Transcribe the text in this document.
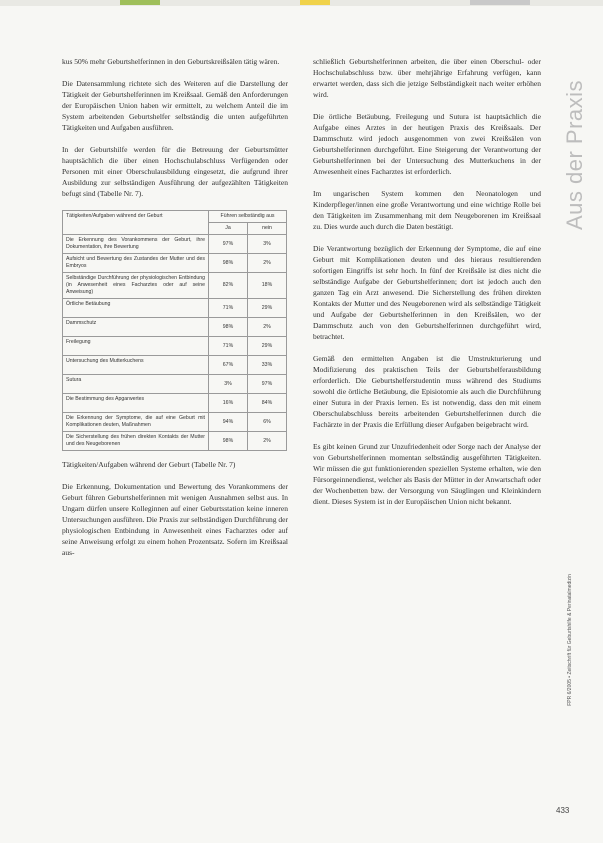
kus 50% mehr Geburtshelferinnen in den Geburtskreißsälen tätig wären.

Die Datensammlung richtete sich des Weiteren auf die Darstellung der Tätigkeit der Geburtshelferinnen im Kreißsaal. Gemäß den Anforderungen der Europäischen Union haben wir ermittelt, zu welchem Anteil die im System arbeitenden Geburtshelfer selbständig die unten aufgeführten Tätigkeiten und Aufgaben ausführen.

In der Geburtshilfe werden für die Betreuung der Geburtsmütter hauptsächlich die über einen Hochschulabschluss Verfügenden oder Personen mit einer Oberschulausbildung eingesetzt, die aufgrund ihrer Ausbildung zur selbständigen Ausführung der aufgezählten Tätigkeiten befugt sind (Tabelle Nr. 7).

Tätigkeiten/Aufgaben während der Geburt	Führen selbständig aus	
	Ja	nein
Die Erkennung des Vorankommens der Geburt, ihre Dokumentation, ihre Bewertung	97%	3%
Aufsicht und Bewertung des Zustandes der Mutter und des Embryos	98%	2%
Selbständige Durchführung der physiologischen Entbindung (in Anwesenheit eines Facharztes oder auf seine Anweisung)	82%	18%
Örtliche Betäubung	71%	29%
Dammschutz	98%	2%
Freilegung	71%	29%
Untersuchung des Mutterkuchens	67%	33%
Sutura	3%	97%
Die Bestimmung des Apgarwertes	16%	84%
Die Erkennung der Symptome, die auf eine Geburt mit Komplikationen deuten, Maßnahmen	94%	6%
Die Sicherstellung des frühen direkten Kontakts der Mutter und des Neugeborenen	98%	2%

Tätigkeiten/Aufgaben während der Geburt (Tabelle Nr. 7)

Die Erkennung, Dokumentation und Bewertung des Vorankommens der Geburt führen Geburtshelferinnen mit wenigen Ausnahmen selbst aus. In Ungarn dürfen unsere Kolleginnen auf einer Geburtsstation keine inneren Untersuchungen ausführen. Die Praxis zur selbständigen Durchführung der physiologischen Entbindung in Anwesenheit eines Facharztes oder auf seine Anweisung erfolgt zu einem hohen Prozentsatz. Sofern im Kreißsaal aus-

schließlich Geburtshelferinnen arbeiten, die über einen Oberschul- oder Hochschulabschluss bzw. über mehrjährige Erfahrung verfügen, kann erwartet werden, dass sich die jetzige Selbständigkeit nach weiter erhöhen wird.

Die örtliche Betäubung, Freilegung und Sutura ist hauptsächlich die Aufgabe eines Arztes in der heutigen Praxis des Kreißsaals. Der Dammschutz wird jedoch ausgenommen von zwei Kreißsälen von Geburtshelferinnen durchgeführt. Eine Steigerung der Verantwortung der Geburtshelferinnen bei der Untersuchung des Mutterkuchens in der Anwesenheit eines Facharztes ist erforderlich.

Im ungarischen System kommen den Neonatologen und Kinderpfleger/innen eine große Verantwortung und eine wichtige Rolle bei den Tätigkeiten im Zusammenhang mit dem Neugeborenen im Kreißsaal zu. Dies wurde auch durch die Daten bestätigt.

Die Verantwortung bezüglich der Erkennung der Symptome, die auf eine Geburt mit Komplikationen deuten und des hieraus resultierenden sofortigen Eingriffs ist sehr hoch. In fünf der Kreißsäle ist dies nicht die selbständige Aufgabe der Geburtshelferinnen; dort ist jedoch auch den ganzen Tag ein Arzt anwesend. Die Sicherstellung des frühen direkten Kontakts der Mutter und des Neugeborenen wird als selbständige Tätigkeit und Aufgabe der Geburtshelferinnen in den Kreißsälen, wo der Dammschutz auch von den Geburtshelferinnen durchgeführt wird, betrachtet.

Gemäß den ermittelten Angaben ist die Umstrukturierung und Modifizierung des praktischen Teils der Geburtshelferausbildung erforderlich. Die Geburtshelferstudentin muss während des Studiums sowohl die örtliche Betäubung, die Episiotomie als auch die Durchführung einer Sutura in der Praxis lernen. Es ist notwendig, dass den mit einem Oberschulabschluss bereits arbeitenden Geburtshelferinnen durch die Fachärzte in der Praxis die Erfüllung dieser Aufgaben beigebracht wird.

Es gibt keinen Grund zur Unzufriedenheit oder Sorge nach der Analyse der von Geburtshelferinnen momentan selbständig ausgeführten Tätigkeiten. Wir müssen die gut funktionierenden speziellen Systeme erhalten, wie den Fürsorgeinnendienst, welcher als Basis der Mütter in der Anwartschaft oder der Wochenbetten bzw. der Versorgung von Säuglingen und Kleinkindern dient. Dieses System ist in der Europäischen Union nicht bekannt.

Aus der Praxis
FPR 6/2005 • Zeitschrift für Geburtshilfe & Perinatalmedizin
433
